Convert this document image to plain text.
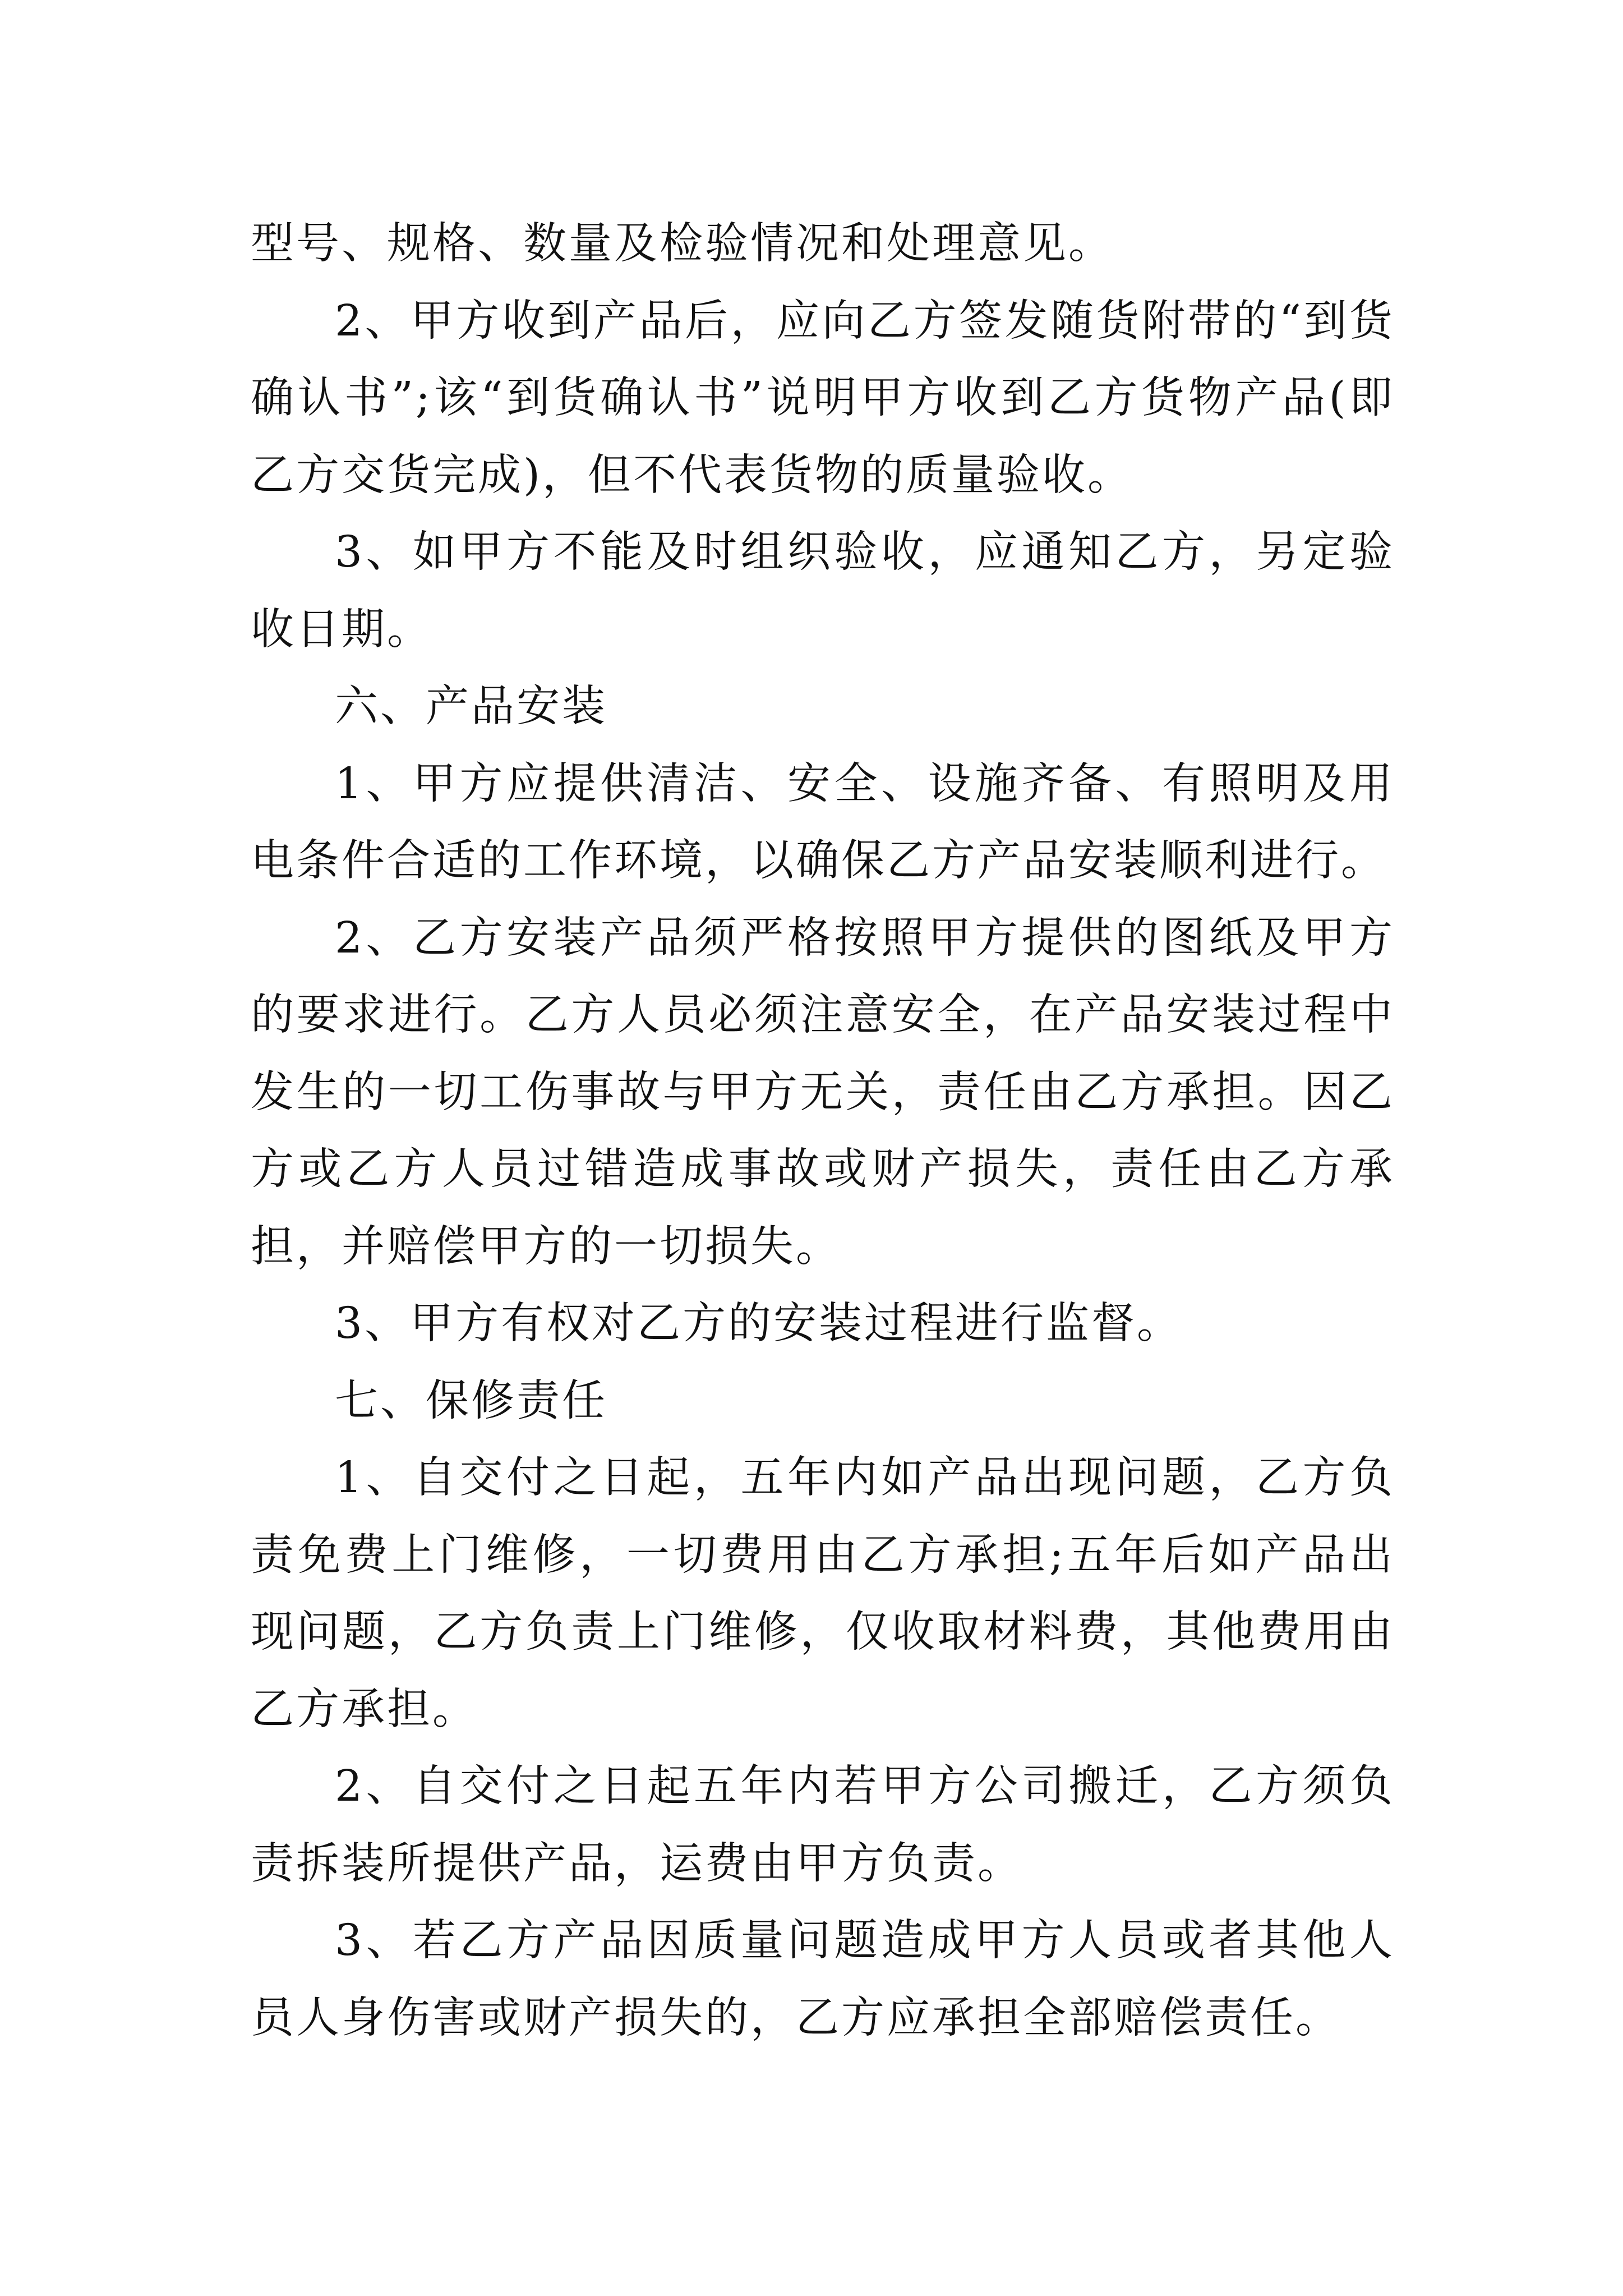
型号、规格、数量及检验情况和处理意见。

2、甲方收到产品后，应向乙方签发随货附带的“到货确认书”;该“到货确认书”说明甲方收到乙方货物产品(即乙方交货完成)，但不代表货物的质量验收。

3、如甲方不能及时组织验收，应通知乙方，另定验收日期。

六、产品安装

1、甲方应提供清洁、安全、设施齐备、有照明及用电条件合适的工作环境，以确保乙方产品安装顺利进行。

2、乙方安装产品须严格按照甲方提供的图纸及甲方的要求进行。乙方人员必须注意安全，在产品安装过程中发生的一切工伤事故与甲方无关，责任由乙方承担。因乙方或乙方人员过错造成事故或财产损失，责任由乙方承担，并赔偿甲方的一切损失。

3、甲方有权对乙方的安装过程进行监督。

七、保修责任

1、自交付之日起，五年内如产品出现问题，乙方负责免费上门维修，一切费用由乙方承担;五年后如产品出现问题，乙方负责上门维修，仅收取材料费，其他费用由乙方承担。

2、自交付之日起五年内若甲方公司搬迁，乙方须负责拆装所提供产品，运费由甲方负责。

3、若乙方产品因质量问题造成甲方人员或者其他人员人身伤害或财产损失的，乙方应承担全部赔偿责任。
